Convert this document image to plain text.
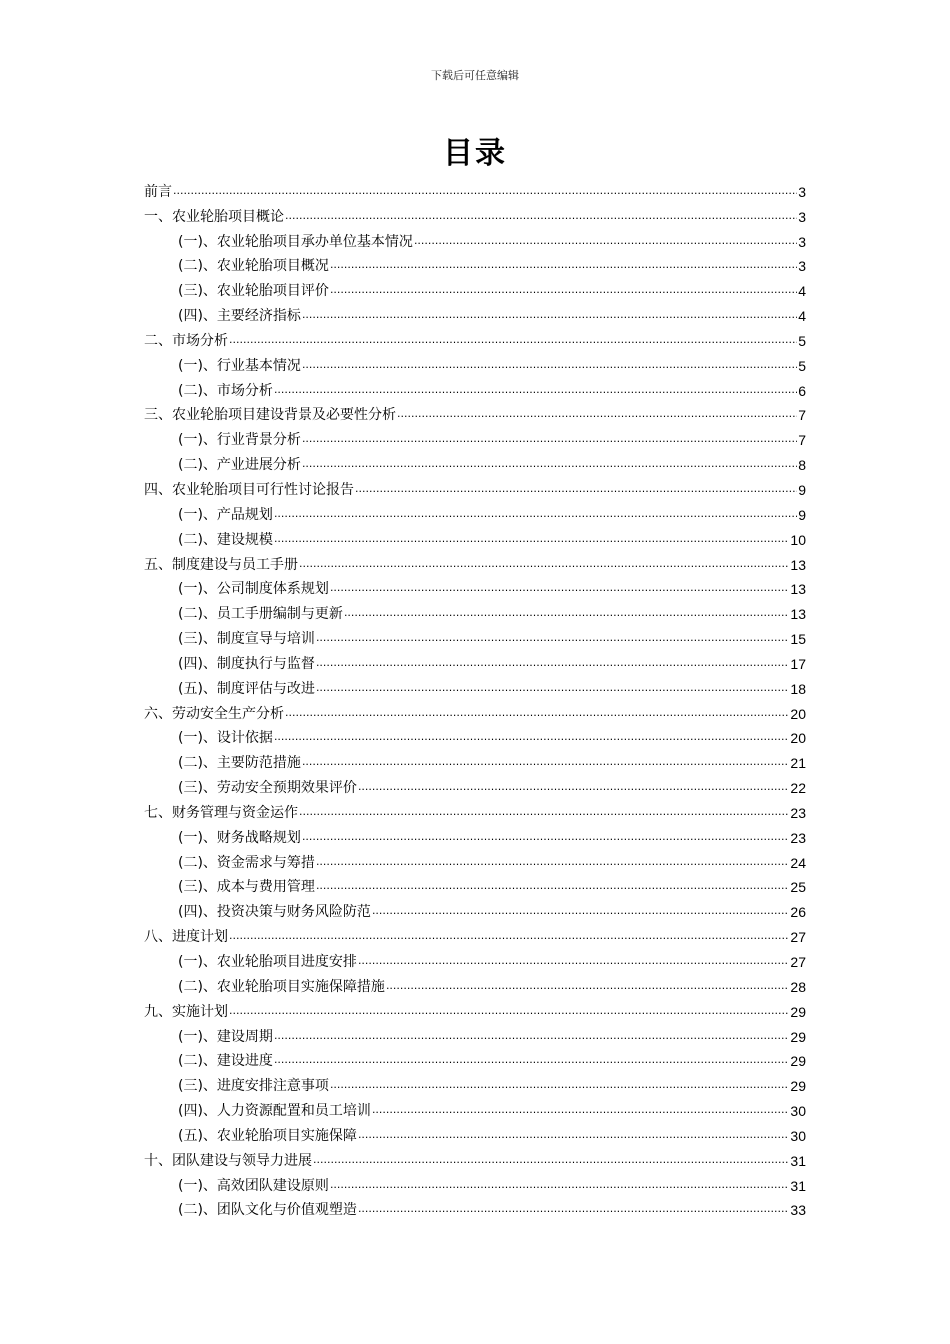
下载后可任意编辑
目录
前言 .....	3
一、农业轮胎项目概论 .....	3
(一)、农业轮胎项目承办单位基本情况 .....	3
(二)、农业轮胎项目概况 .....	3
(三)、农业轮胎项目评价 .....	4
(四)、主要经济指标 .....	4
二、市场分析 .....	5
(一)、行业基本情况 .....	5
(二)、市场分析 .....	6
三、农业轮胎项目建设背景及必要性分析 .....	7
(一)、行业背景分析 .....	7
(二)、产业进展分析 .....	8
四、农业轮胎项目可行性讨论报告 .....	9
(一)、产品规划 .....	9
(二)、建设规模 .....	10
五、制度建设与员工手册 .....	13
(一)、公司制度体系规划 .....	13
(二)、员工手册编制与更新 .....	13
(三)、制度宣导与培训 .....	15
(四)、制度执行与监督 .....	17
(五)、制度评估与改进 .....	18
六、劳动安全生产分析 .....	20
(一)、设计依据 .....	20
(二)、主要防范措施 .....	21
(三)、劳动安全预期效果评价 .....	22
七、财务管理与资金运作 .....	23
(一)、财务战略规划 .....	23
(二)、资金需求与筹措 .....	24
(三)、成本与费用管理 .....	25
(四)、投资决策与财务风险防范 .....	26
八、进度计划 .....	27
(一)、农业轮胎项目进度安排 .....	27
(二)、农业轮胎项目实施保障措施 .....	28
九、实施计划 .....	29
(一)、建设周期 .....	29
(二)、建设进度 .....	29
(三)、进度安排注意事项 .....	29
(四)、人力资源配置和员工培训 .....	30
(五)、农业轮胎项目实施保障 .....	30
十、团队建设与领导力进展 .....	31
(一)、高效团队建设原则 .....	31
(二)、团队文化与价值观塑造 .....	33
